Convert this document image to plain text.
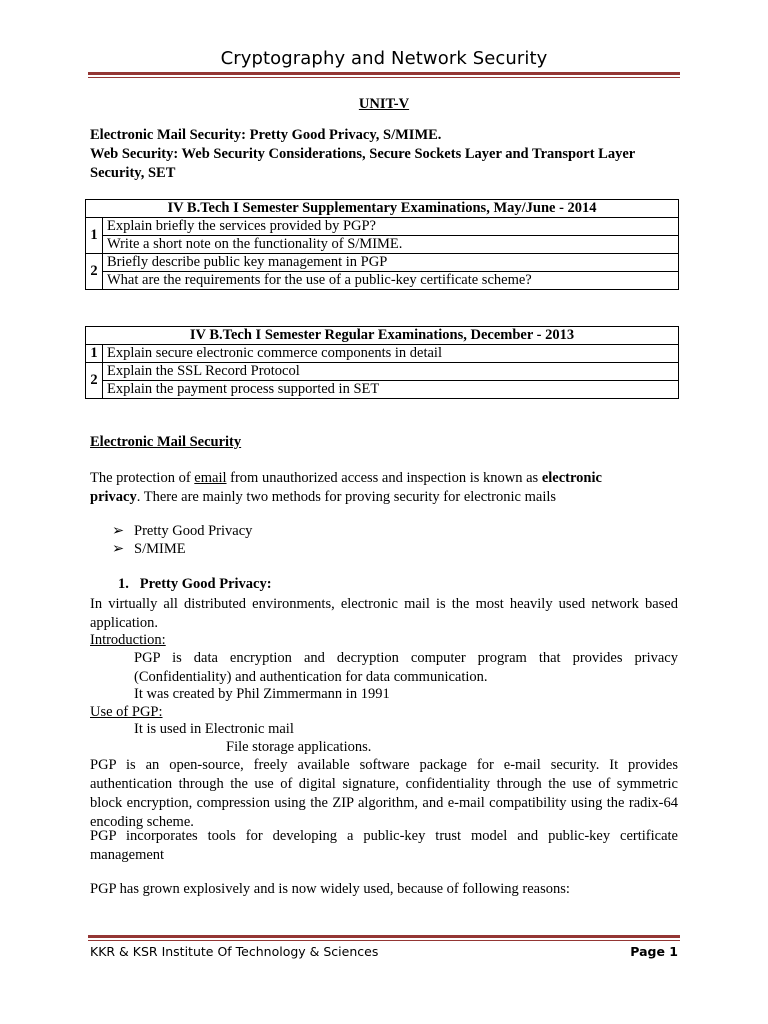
Cryptography and Network Security
UNIT-V
Electronic Mail Security: Pretty Good Privacy, S/MIME.
Web Security: Web Security Considerations, Secure Sockets Layer and Transport Layer
Security, SET
IV B.Tech I Semester Supplementary Examinations, May/June - 2014	
1	Explain briefly the services provided by PGP?
	Write a short note on the functionality of S/MIME.
2	Briefly describe public key management in PGP
	What are the requirements for the use of a public-key certificate scheme?
IV B.Tech I Semester Regular Examinations, December - 2013	
1	Explain secure electronic commerce components in detail
2	Explain the SSL Record Protocol
	Explain the payment process supported in SET
Electronic Mail Security
The protection of email from unauthorized access and inspection is known as electronic
privacy. There are mainly two methods for proving security for electronic mails
➢ Pretty Good Privacy
➢ S/MIME
1. Pretty Good Privacy:
In virtually all distributed environments, electronic mail is the most heavily used network based application.
Introduction:
PGP is data encryption and decryption computer program that provides privacy (Confidentiality) and authentication for data communication.
It was created by Phil Zimmermann in 1991
Use of PGP:
It is used in Electronic mail
File storage applications.
PGP is an open-source, freely available software package for e-mail security. It provides authentication through the use of digital signature, confidentiality through the use of symmetric block encryption, compression using the ZIP algorithm, and e-mail compatibility using the radix-64 encoding scheme.
PGP incorporates tools for developing a public-key trust model and public-key certificate management
PGP has grown explosively and is now widely used, because of following reasons:
KKR & KSR Institute Of Technology & Sciences	Page 1
